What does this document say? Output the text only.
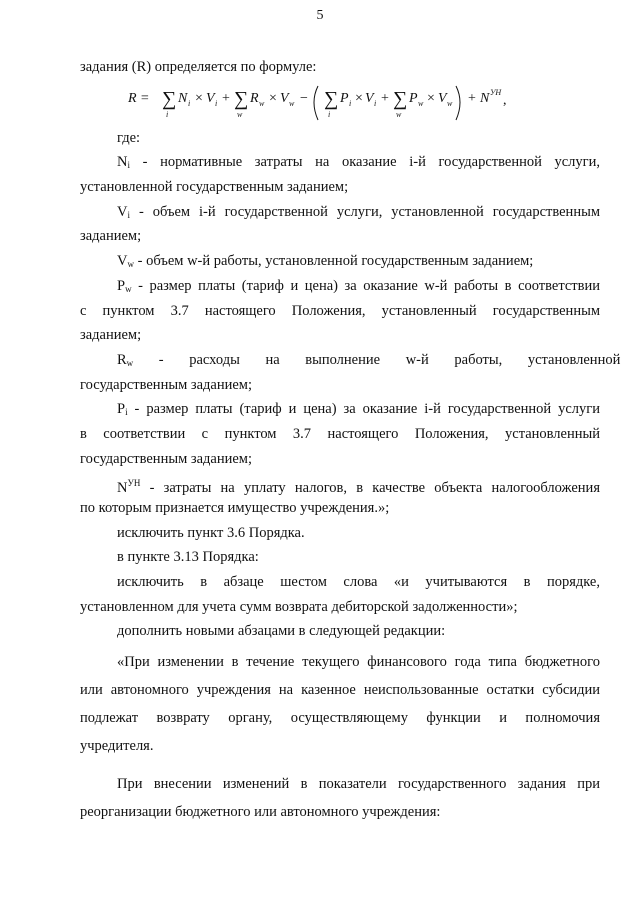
5
задания (R) определяется по формуле:
R = ∑
i
N i × V i + ∑
w
R w × V w − ∑
i
P i × V i + ∑
w
P w × V w + N УН
,
где:
$N_i$ - нормативные затраты на оказание i-й государственной услуги,
установленной государственным заданием;
$V_i$ - объем i-й государственной услуги, установленной государственным
заданием;
$V_w$ - объем w-й работы, установленной государственным заданием;
$P_w$ - размер платы (тариф и цена) за оказание w-й работы в соответствии
с пунктом 3.7 настоящего Положения, установленный государственным
заданием;
$R_w$ - расходы на выполнение w-й работы, установленной
государственным заданием;
$P_i$ - размер платы (тариф и цена) за оказание i-й государственной услуги
в соответствии с пунктом 3.7 настоящего Положения, установленный
государственным заданием;
$N^{УН}$ - затраты на уплату налогов, в качестве объекта налогообложения
по которым признается имущество учреждения.»;
исключить пункт 3.6 Порядка.
в пункте 3.13 Порядка:
исключить в абзаце шестом слова «и учитываются в порядке,
установленном для учета сумм возврата дебиторской задолженности»;
дополнить новыми абзацами в следующей редакции:
«При изменении в течение текущего финансового года типа бюджетного
или автономного учреждения на казенное неиспользованные остатки субсидии
подлежат возврату органу, осуществляющему функции и полномочия
учредителя.
При внесении изменений в показатели государственного задания при
реорганизации бюджетного или автономного учреждения:
